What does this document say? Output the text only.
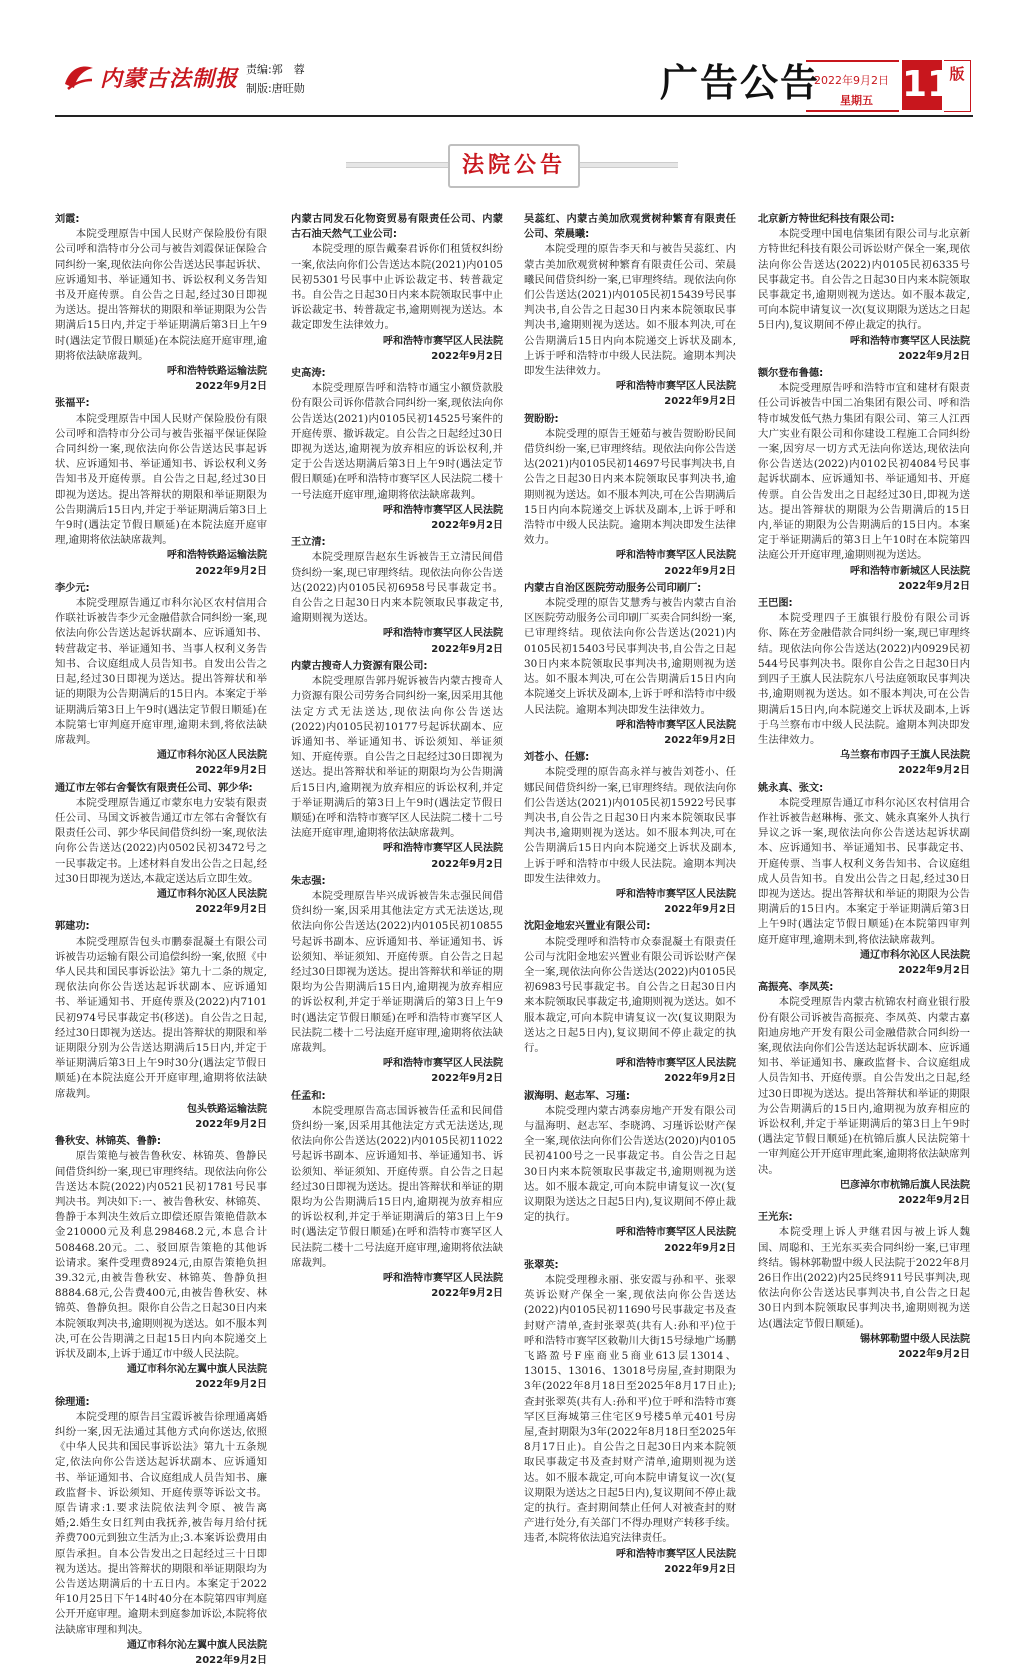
内蒙古法制报 责编:郭　蓉
制版:唐旺勋	广告公告
2022年9月2日
星期五 11
版
法院公告
刘霞:
本院受理原告中国人民财产保险股份有限公司呼和浩特市分公司与被告刘霞保证保险合同纠纷一案,现依法向你公告送达民事起诉状、应诉通知书、举证通知书、诉讼权利义务告知书及开庭传票。自公告之日起,经过30日即视为送达。提出答辩状的期限和举证期限为公告期满后15日内,并定于举证期满后第3日上午9时(遇法定节假日顺延)在本院法庭开庭审理,逾期将依法缺席裁判。
呼和浩特铁路运输法院
2022年9月2日
张福平:
本院受理原告中国人民财产保险股份有限公司呼和浩特市分公司与被告张福平保证保险合同纠纷一案,现依法向你公告送达民事起诉状、应诉通知书、举证通知书、诉讼权利义务告知书及开庭传票。自公告之日起,经过30日即视为送达。提出答辩状的期限和举证期限为公告期满后15日内,并定于举证期满后第3日上午9时(遇法定节假日顺延)在本院法庭开庭审理,逾期将依法缺席裁判。
呼和浩特铁路运输法院
2022年9月2日
李少元:
本院受理原告通辽市科尔沁区农村信用合作联社诉被告李少元金融借款合同纠纷一案,现依法向你公告送达起诉状副本、应诉通知书、转营裁定书、举证通知书、当事人权利义务告知书、合议庭组成人员告知书。自发出公告之日起,经过30日即视为送达。提出答辩状和举证的期限为公告期满后的15日内。本案定于举证期满后第3日上午9时(遇法定节假日顺延)在本院第七审判庭开庭审理,逾期未到,将依法缺席裁判。
通辽市科尔沁区人民法院
2022年9月2日
通辽市左邻右舍餐饮有限责任公司、郭少华:
本院受理原告通辽市蒙东电力安装有限责任公司、马国文诉被告通辽市左邻右舍餐饮有限责任公司、郭少华民间借贷纠纷一案,现依法向你公告送达(2022)内0502民初3472号之一民事裁定书。上述材料自发出公告之日起,经过30日即视为送达,本裁定送达后立即生效。
通辽市科尔沁区人民法院
2022年9月2日
郭建功:
本院受理原告包头市鹏泰混凝土有限公司诉被告功运输有限公司追偿纠纷一案,依照《中华人民共和国民事诉讼法》第九十二条的规定,现依法向你公告送达起诉状副本、应诉通知书、举证通知书、开庭传票及(2022)内7101民初974号民事裁定书(移送)。自公告之日起,经过30日即视为送达。提出答辩状的期限和举证期限分别为公告送达期满后15日内,并定于举证期满后第3日上午9时30分(遇法定节假日顺延)在本院法庭公开开庭审理,逾期将依法缺席裁判。
包头铁路运输法院
2022年9月2日
鲁秋安、林锦英、鲁静:
原告策艳与被告鲁秋安、林锦英、鲁静民间借贷纠纷一案,现已审理终结。现依法向你公告送达本院(2022)内0521民初1781号民事判决书。判决如下:一、被告鲁秋安、林锦英、鲁静于本判决生效后立即偿还原告策艳借款本金210000元及利息298468.2元,本息合计508468.20元。二、驳回原告策艳的其他诉讼请求。案件受理费8924元,由原告策艳负担39.32元,由被告鲁秋安、林锦英、鲁静负担8884.68元,公告费400元,由被告鲁秋安、林锦英、鲁静负担。限你自公告之日起30日内来本院领取判决书,逾期则视为送达。如不服本判决,可在公告期满之日起15日内向本院递交上诉状及副本,上诉于通辽市中级人民法院。
通辽市科尔沁左翼中旗人民法院
2022年9月2日
徐理通:
本院受理的原告吕宝霞诉被告徐理通离婚纠纷一案,因无法通过其他方式向你送达,依照《中华人民共和国民事诉讼法》第九十五条规定,依法向你公告送达起诉状副本、应诉通知书、举证通知书、合议庭组成人员告知书、廉政监督卡、诉讼须知、开庭传票等诉讼文书。原告请求:1.要求法院依法判令原、被告离婚;2.婚生女日红判由我抚养,被告每月给付抚养费700元到独立生活为止;3.本案诉讼费用由原告承担。自本公告发出之日起经过三十日即视为送达。提出答辩状的期限和举证期限均为公告送达期满后的十五日内。本案定于2022年10月25日下午14时40分在本院第四审判庭公开开庭审理。逾期未到庭参加诉讼,本院将依法缺席审理和判决。
通辽市科尔沁左翼中旗人民法院
2022年9月2日
内蒙古同发石化物资贸易有限责任公司、内蒙古石油天然气工业公司:
本院受理的原告戴秦君诉你们租赁权纠纷一案,依法向你们公告送达本院(2021)内0105民初5301号民事中止诉讼裁定书、转普裁定书。自公告之日起30日内来本院领取民事中止诉讼裁定书、转普裁定书,逾期则视为送达。本裁定即发生法律效力。
呼和浩特市赛罕区人民法院
2022年9月2日
史高涛:
本院受理原告呼和浩特市通宝小额贷款股份有限公司诉你借款合同纠纷一案,现依法向你公告送达(2021)内0105民初14525号案件的开庭传票、撤诉裁定。自公告之日起经过30日即视为送达,逾期视为放弃相应的诉讼权利,并定于公告送达期满后第3日上午9时(遇法定节假日顺延)在呼和浩特市赛罕区人民法院二楼十一号法庭开庭审理,逾期将依法缺席裁判。
呼和浩特市赛罕区人民法院
2022年9月2日
王立清:
本院受理原告赵东生诉被告王立清民间借贷纠纷一案,现已审理终结。现依法向你公告送达(2022)内0105民初6958号民事裁定书。自公告之日起30日内来本院领取民事裁定书,逾期则视为送达。
呼和浩特市赛罕区人民法院
2022年9月2日
内蒙古搜奇人力资源有限公司:
本院受理原告郭丹妮诉被告内蒙古搜奇人力资源有限公司劳务合同纠纷一案,因采用其他法定方式无法送达,现依法向你公告送达(2022)内0105民初10177号起诉状副本、应诉通知书、举证通知书、诉讼须知、举证须知、开庭传票。自公告之日起经过30日即视为送达。提出答辩状和举证的期限均为公告期满后15日内,逾期视为放弃相应的诉讼权利,并定于举证期满后的第3日上午9时(遇法定节假日顺延)在呼和浩特市赛罕区人民法院二楼十二号法庭开庭审理,逾期将依法缺席裁判。
呼和浩特市赛罕区人民法院
2022年9月2日
朱志强:
本院受理原告毕兴成诉被告朱志强民间借贷纠纷一案,因采用其他法定方式无法送达,现依法向你公告送达(2022)内0105民初10855号起诉书副本、应诉通知书、举证通知书、诉讼须知、举证须知、开庭传票。自公告之日起经过30日即视为送达。提出答辩状和举证的期限均为公告期满后15日内,逾期视为放弃相应的诉讼权利,并定于举证期满后的第3日上午9时(遇法定节假日顺延)在呼和浩特市赛罕区人民法院二楼十二号法庭开庭审理,逾期将依法缺席裁判。
呼和浩特市赛罕区人民法院
2022年9月2日
任孟和:
本院受理原告高志国诉被告任孟和民间借贷纠纷一案,因采用其他法定方式无法送达,现依法向你公告送达(2022)内0105民初11022号起诉书副本、应诉通知书、举证通知书、诉讼须知、举证须知、开庭传票。自公告之日起经过30日即视为送达。提出答辩状和举证的期限均为公告期满后15日内,逾期视为放弃相应的诉讼权利,并定于举证期满后的第3日上午9时(遇法定节假日顺延)在呼和浩特市赛罕区人民法院二楼十二号法庭开庭审理,逾期将依法缺席裁判。
呼和浩特市赛罕区人民法院
2022年9月2日
吴蕊红、内蒙古美加欣观赏树种繁育有限责任公司、荣晨曦:
本院受理的原告李天和与被告吴蕊红、内蒙古美加欣观赏树种繁育有限责任公司、荣晨曦民间借贷纠纷一案,已审理终结。现依法向你们公告送达(2021)内0105民初15439号民事判决书,自公告之日起30日内来本院领取民事判决书,逾期则视为送达。如不服本判决,可在公告期满后15日内向本院递交上诉状及副本,上诉于呼和浩特市中级人民法院。逾期本判决即发生法律效力。
呼和浩特市赛罕区人民法院
2022年9月2日
贺盼盼:
本院受理的原告王娅茹与被告贺盼盼民间借贷纠纷一案,已审理终结。现依法向你公告送达(2021)内0105民初14697号民事判决书,自公告之日起30日内来本院领取民事判决书,逾期则视为送达。如不服本判决,可在公告期满后15日内向本院递交上诉状及副本,上诉于呼和浩特市中级人民法院。逾期本判决即发生法律效力。
呼和浩特市赛罕区人民法院
2022年9月2日
内蒙古自治区医院劳动服务公司印刷厂:
本院受理的原告艾慧秀与被告内蒙古自治区医院劳动服务公司印刷厂买卖合同纠纷一案,已审理终结。现依法向你公告送达(2021)内0105民初15403号民事判决书,自公告之日起30日内来本院领取民事判决书,逾期则视为送达。如不服本判决,可在公告期满后15日内向本院递交上诉状及副本,上诉于呼和浩特市中级人民法院。逾期本判决即发生法律效力。
呼和浩特市赛罕区人民法院
2022年9月2日
刘苍小、任娜:
本院受理的原告高永祥与被告刘苍小、任娜民间借贷纠纷一案,已审理终结。现依法向你们公告送达(2021)内0105民初15922号民事判决书,自公告之日起30日内来本院领取民事判决书,逾期则视为送达。如不服本判决,可在公告期满后15日内向本院递交上诉状及副本,上诉于呼和浩特市中级人民法院。逾期本判决即发生法律效力。
呼和浩特市赛罕区人民法院
2022年9月2日
沈阳金地宏兴置业有限公司:
本院受理呼和浩特市众泰混凝土有限责任公司与沈阳金地宏兴置业有限公司诉讼财产保全一案,现依法向你公告送达(2022)内0105民初6983号民事裁定书。自公告之日起30日内来本院领取民事裁定书,逾期则视为送达。如不服本裁定,可向本院申请复议一次(复议期限为送达之日起5日内),复议期间不停止裁定的执行。
呼和浩特市赛罕区人民法院
2022年9月2日
淑海明、赵志军、习瑾:
本院受理内蒙古鸿泰房地产开发有限公司与温海明、赵志军、李晓鸿、习瑾诉讼财产保全一案,现依法向你们公告送达(2020)内0105民初4100号之一民事裁定书。自公告之日起30日内来本院领取民事裁定书,逾期则视为送达。如不服本裁定,可向本院申请复议一次(复议期限为送达之日起5日内),复议期间不停止裁定的执行。
呼和浩特市赛罕区人民法院
2022年9月2日
张翠英:
本院受理穆永丽、张安霞与孙和平、张翠英诉讼财产保全一案,现依法向你公告送达(2022)内0105民初11690号民事裁定书及查封财产清单,查封张翠英(共有人:孙和平)位于呼和浩特市赛罕区敕勒川大街15号绿地广场鹏飞路盈号F座商业5商业613层13014、13015、13016、13018号房屋,查封期限为3年(2022年8月18日至2025年8月17日止);查封张翠英(共有人:孙和平)位于呼和浩特市赛罕区巨海城第三住宅区9号楼5单元401号房屋,查封期限为3年(2022年8月18日至2025年8月17日止)。自公告之日起30日内来本院领取民事裁定书及查封财产清单,逾期则视为送达。如不服本裁定,可向本院申请复议一次(复议期限为送达之日起5日内),复议期间不停止裁定的执行。查封期间禁止任何人对被查封的财产进行处分,有关部门不得办理财产转移手续。违者,本院将依法追究法律责任。
呼和浩特市赛罕区人民法院
2022年9月2日
北京新方特世纪科技有限公司:
本院受理中国电信集团有限公司与北京新方特世纪科技有限公司诉讼财产保全一案,现依法向你公告送达(2022)内0105民初6335号民事裁定书。自公告之日起30日内来本院领取民事裁定书,逾期则视为送达。如不服本裁定,可向本院申请复议一次(复议期限为送达之日起5日内),复议期间不停止裁定的执行。
呼和浩特市赛罕区人民法院
2022年9月2日
额尔登布鲁德:
本院受理原告呼和浩特市宜和建材有限责任公司诉被告中国二冶集团有限公司、呼和浩特市城发低气热力集团有限公司、第三人江西大广实业有限公司和你建设工程施工合同纠纷一案,因穷尽一切方式无法向你送达,现依法向你公告送达(2022)内0102民初4084号民事起诉状副本、应诉通知书、举证通知书、开庭传票。自公告发出之日起经过30日,即视为送达。提出答辩状的期限为公告期满后的15日内,举证的期限为公告期满后的15日内。本案定于举证期满后的第3日上午10时在本院第四法庭公开开庭审理,逾期则视为送达。
呼和浩特市新城区人民法院
2022年9月2日
王巴图:
本院受理四子王旗银行股份有限公司诉你、陈在芳金融借款合同纠纷一案,现已审理终结。现依法向你公告送达(2022)内0929民初544号民事判决书。限你自公告之日起30日内到四子王旗人民法院东八号法庭领取民事判决书,逾期则视为送达。如不服本判决,可在公告期满后15日内,向本院递交上诉状及副本,上诉于乌兰察布市中级人民法院。逾期本判决即发生法律效力。
乌兰察布市四子王旗人民法院
2022年9月2日
姚永真、张文:
本院受理原告通辽市科尔沁区农村信用合作社诉被告赵琳梅、张文、姚永真案外人执行异议之诉一案,现依法向你公告送达起诉状副本、应诉通知书、举证通知书、民事裁定书、开庭传票、当事人权利义务告知书、合议庭组成人员告知书。自发出公告之日起,经过30日即视为送达。提出答辩状和举证的期限为公告期满后的15日内。本案定于举证期满后第3日上午9时(遇法定节假日顺延)在本院第四审判庭开庭审理,逾期未到,将依法缺席裁判。
通辽市科尔沁区人民法院
2022年9月2日
高振亮、李凤英:
本院受理原告内蒙古杭锦农村商业银行股份有限公司诉被告高振亮、李凤英、内蒙古嘉阳迪房地产开发有限公司金融借款合同纠纷一案,现依法向你们公告送达起诉状副本、应诉通知书、举证通知书、廉政监督卡、合议庭组成人员告知书、开庭传票。自公告发出之日起,经过30日即视为送达。提出答辩状和举证的期限为公告期满后的15日内,逾期视为放弃相应的诉讼权利,并定于举证期满后的第3日上午9时(遇法定节假日顺延)在杭锦后旗人民法院第十一审判庭公开开庭审理此案,逾期将依法缺席判决。
巴彦淖尔市杭锦后旗人民法院
2022年9月2日
王光东:
本院受理上诉人尹继君因与被上诉人魏国、周聪和、王光东买卖合同纠纷一案,已审理终结。锡林郭勒盟中级人民法院于2022年8月26日作出(2022)内25民终911号民事判决,现依法向你公告送达民事判决书,自公告之日起30日内到本院领取民事判决书,逾期则视为送达(遇法定节假日顺延)。
锡林郭勒盟中级人民法院
2022年9月2日
